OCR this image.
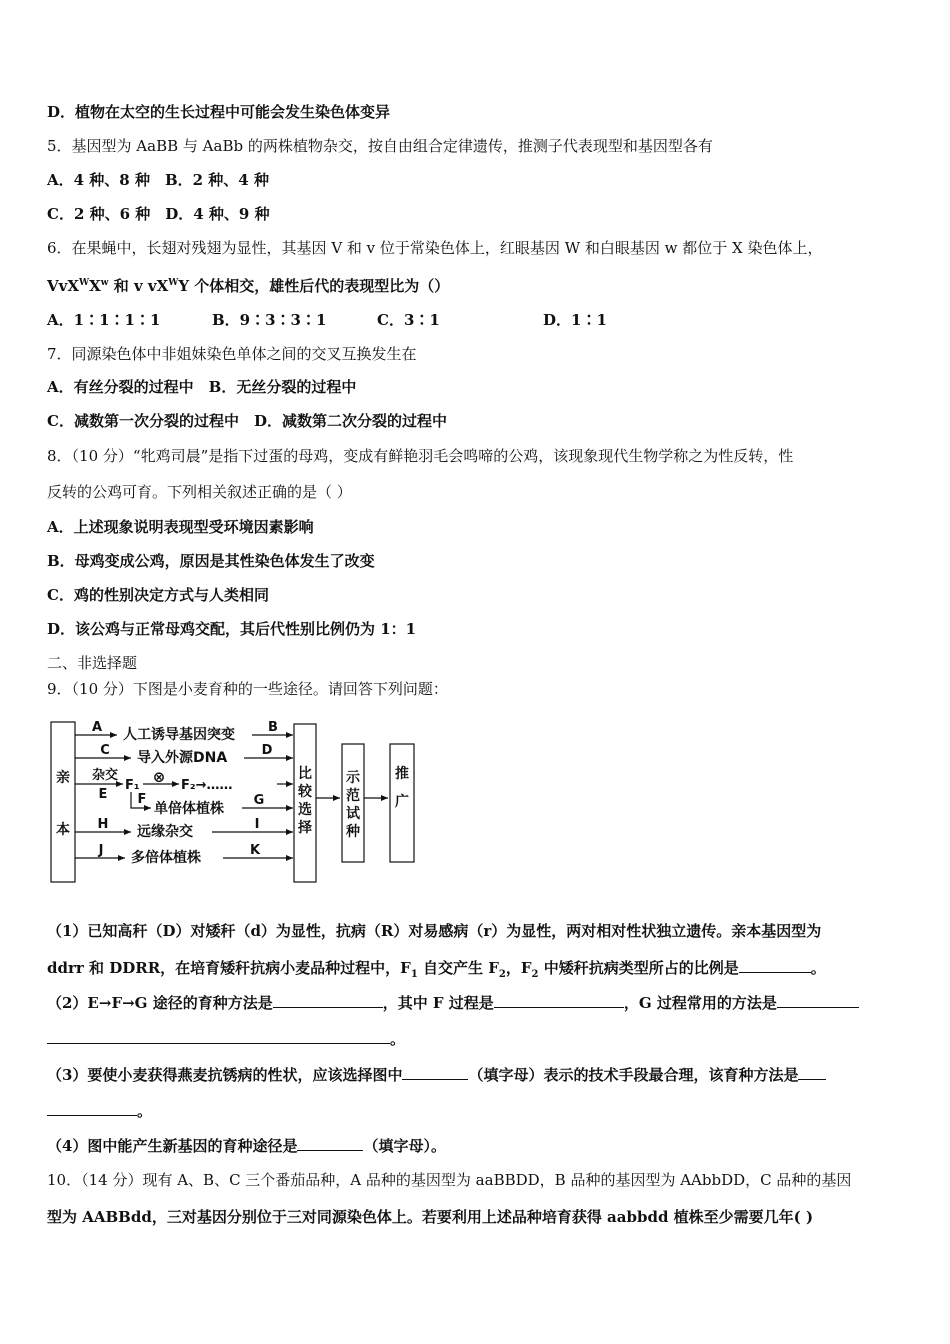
D．植物在太空的生长过程中可能会发生染色体变异
5．基因型为 AaBB 与 AaBb 的两株植物杂交，按自由组合定律遗传，推测子代表现型和基因型各有
A．4 种、8 种　B．2 种、4 种
C．2 种、6 种　D．4 种、9 种
6．在果蝇中，长翅对残翅为显性，其基因 V 和 v 位于常染色体上，红眼基因 W 和白眼基因 w 都位于 X 染色体上，
$VvX^WX^w$ 和 v $vX^WY$ 个体相交，雄性后代的表现型比为（）
A．1∶1∶1∶1	B．9∶3∶3∶1	C．3∶1	D．1∶1
7．同源染色体中非姐妹染色单体之间的交叉互换发生在
A．有丝分裂的过程中　B．无丝分裂的过程中
C．减数第一次分裂的过程中　D．减数第二次分裂的过程中
8．（10 分）“牝鸡司晨”是指下过蛋的母鸡，变成有鲜艳羽毛会鸣啼的公鸡，该现象现代生物学称之为性反转，性
反转的公鸡可育。下列相关叙述正确的是（ ）
A．上述现象说明表现型受环境因素影响
B．母鸡变成公鸡，原因是其性染色体发生了改变
C．鸡的性别决定方式与人类相同
D．该公鸡与正常母鸡交配，其后代性别比例仍为 1：1
二、非选择题
9．（10 分）下图是小麦育种的一些途径。请回答下列问题：
亲
本
A 人工诱导基因突变	B
C 导入外源DNA	D
杂交
E
F₁ ⊗ F₂→……
F
单倍体植株
G
H 远缘杂交	I
J 多倍体植株	K
比
较
选
择
示
范
试
种
推
广
（1）已知高秆（D）对矮秆（d）为显性，抗病（R）对易感病（r）为显性，两对相对性状独立遗传。亲本基因型为
ddrr 和 DDRR，在培育矮秆抗病小麦品种过程中，$F_1$ 自交产生 $F_2$，$F_2$ 中矮秆抗病类型所占的比例是	。
（2）E→F→G 途径的育种方法是	，其中 F 过程是	，G 过程常用的方法是
。
（3）要使小麦获得燕麦抗锈病的性状，应该选择图中	（填字母）表示的技术手段最合理，该育种方法是
。
（4）图中能产生新基因的育种途径是	（填字母）。
10．（14 分）现有 A、B、C 三个番茄品种，A 品种的基因型为 aaBBDD，B 品种的基因型为 AAbbDD，C 品种的基因
型为 AABBdd，三对基因分别位于三对同源染色体上。若要利用上述品种培育获得 aabbdd 植株至少需要几年( )
